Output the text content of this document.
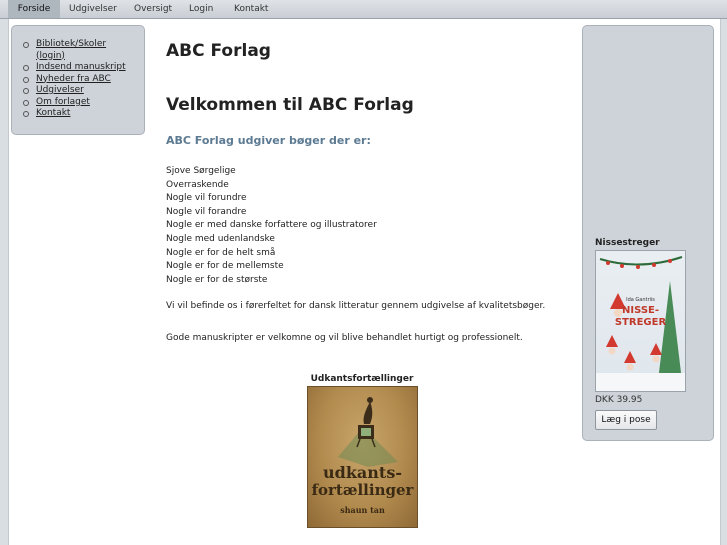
Forside	Udgivelser Oversigt Login Kontakt
Bibliotek/Skoler (login)
Indsend manuskript
Nyheder fra ABC
Udgivelser
Om forlaget
Kontakt
ABC Forlag
Velkommen til ABC Forlag
ABC Forlag udgiver bøger der er:
Sjove Sørgelige
Overraskende
Nogle vil forundre
Nogle vil forandre
Nogle er med danske forfattere og illustratorer
Nogle med udenlandske
Nogle er for de helt små
Nogle er for de mellemste
Nogle er for de største
Vi vil befinde os i førerfeltet for dansk litteratur gennem udgivelse af kvalitetsbøger.
Gode manuskripter er velkomne og vil blive behandlet hurtigt og professionelt.
Udkantsfortællinger
udkants-
fortællinger
shaun tan
Nissestreger
Ida Gantriis
NISSE-
STREGER
DKK 39.95
Læg i pose
